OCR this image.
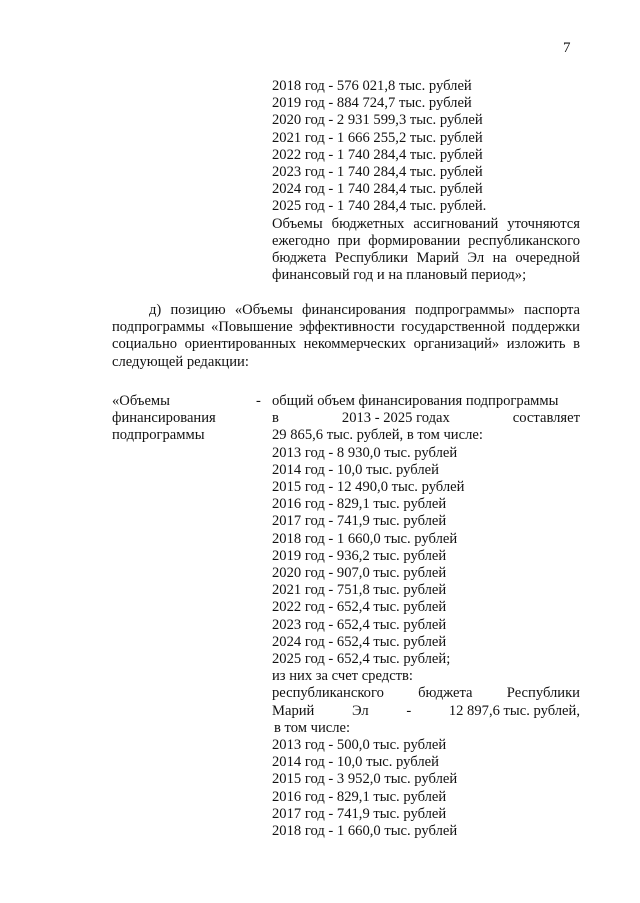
7
2018 год - 576 021,8 тыс. рублей
2019 год - 884 724,7 тыс. рублей
2020 год - 2 931 599,3 тыс. рублей
2021 год - 1 666 255,2 тыс. рублей
2022 год - 1 740 284,4 тыс. рублей
2023 год - 1 740 284,4 тыс. рублей
2024 год - 1 740 284,4 тыс. рублей
2025 год - 1 740 284,4 тыс. рублей.
Объемы бюджетных ассигнований уточняются ежегодно при формировании республиканского бюджета Республики Марий Эл на очередной финансовый год и на плановый период»;
д) позицию «Объемы финансирования подпрограммы» паспорта подпрограммы «Повышение эффективности государственной поддержки социально ориентированных некоммерческих организаций» изложить в следующей редакции:
«Объемы
финансирования
подпрограммы
- общий объем финансирования подпрограммы
в	2013 - 2025 годах	составляет
29 865,6 тыс. рублей, в том числе:
2013 год - 8 930,0 тыс. рублей
2014 год - 10,0 тыс. рублей
2015 год - 12 490,0 тыс. рублей
2016 год - 829,1 тыс. рублей
2017 год - 741,9 тыс. рублей
2018 год - 1 660,0 тыс. рублей
2019 год - 936,2 тыс. рублей
2020 год - 907,0 тыс. рублей
2021 год - 751,8 тыс. рублей
2022 год - 652,4 тыс. рублей
2023 год - 652,4 тыс. рублей
2024 год - 652,4 тыс. рублей
2025 год - 652,4 тыс. рублей;
из них за счет средств:
республиканского бюджета Республики
Марий	Эл	-	12 897,6 тыс. рублей,
в том числе:
2013 год - 500,0 тыс. рублей
2014 год - 10,0 тыс. рублей
2015 год - 3 952,0 тыс. рублей
2016 год - 829,1 тыс. рублей
2017 год - 741,9 тыс. рублей
2018 год - 1 660,0 тыс. рублей
